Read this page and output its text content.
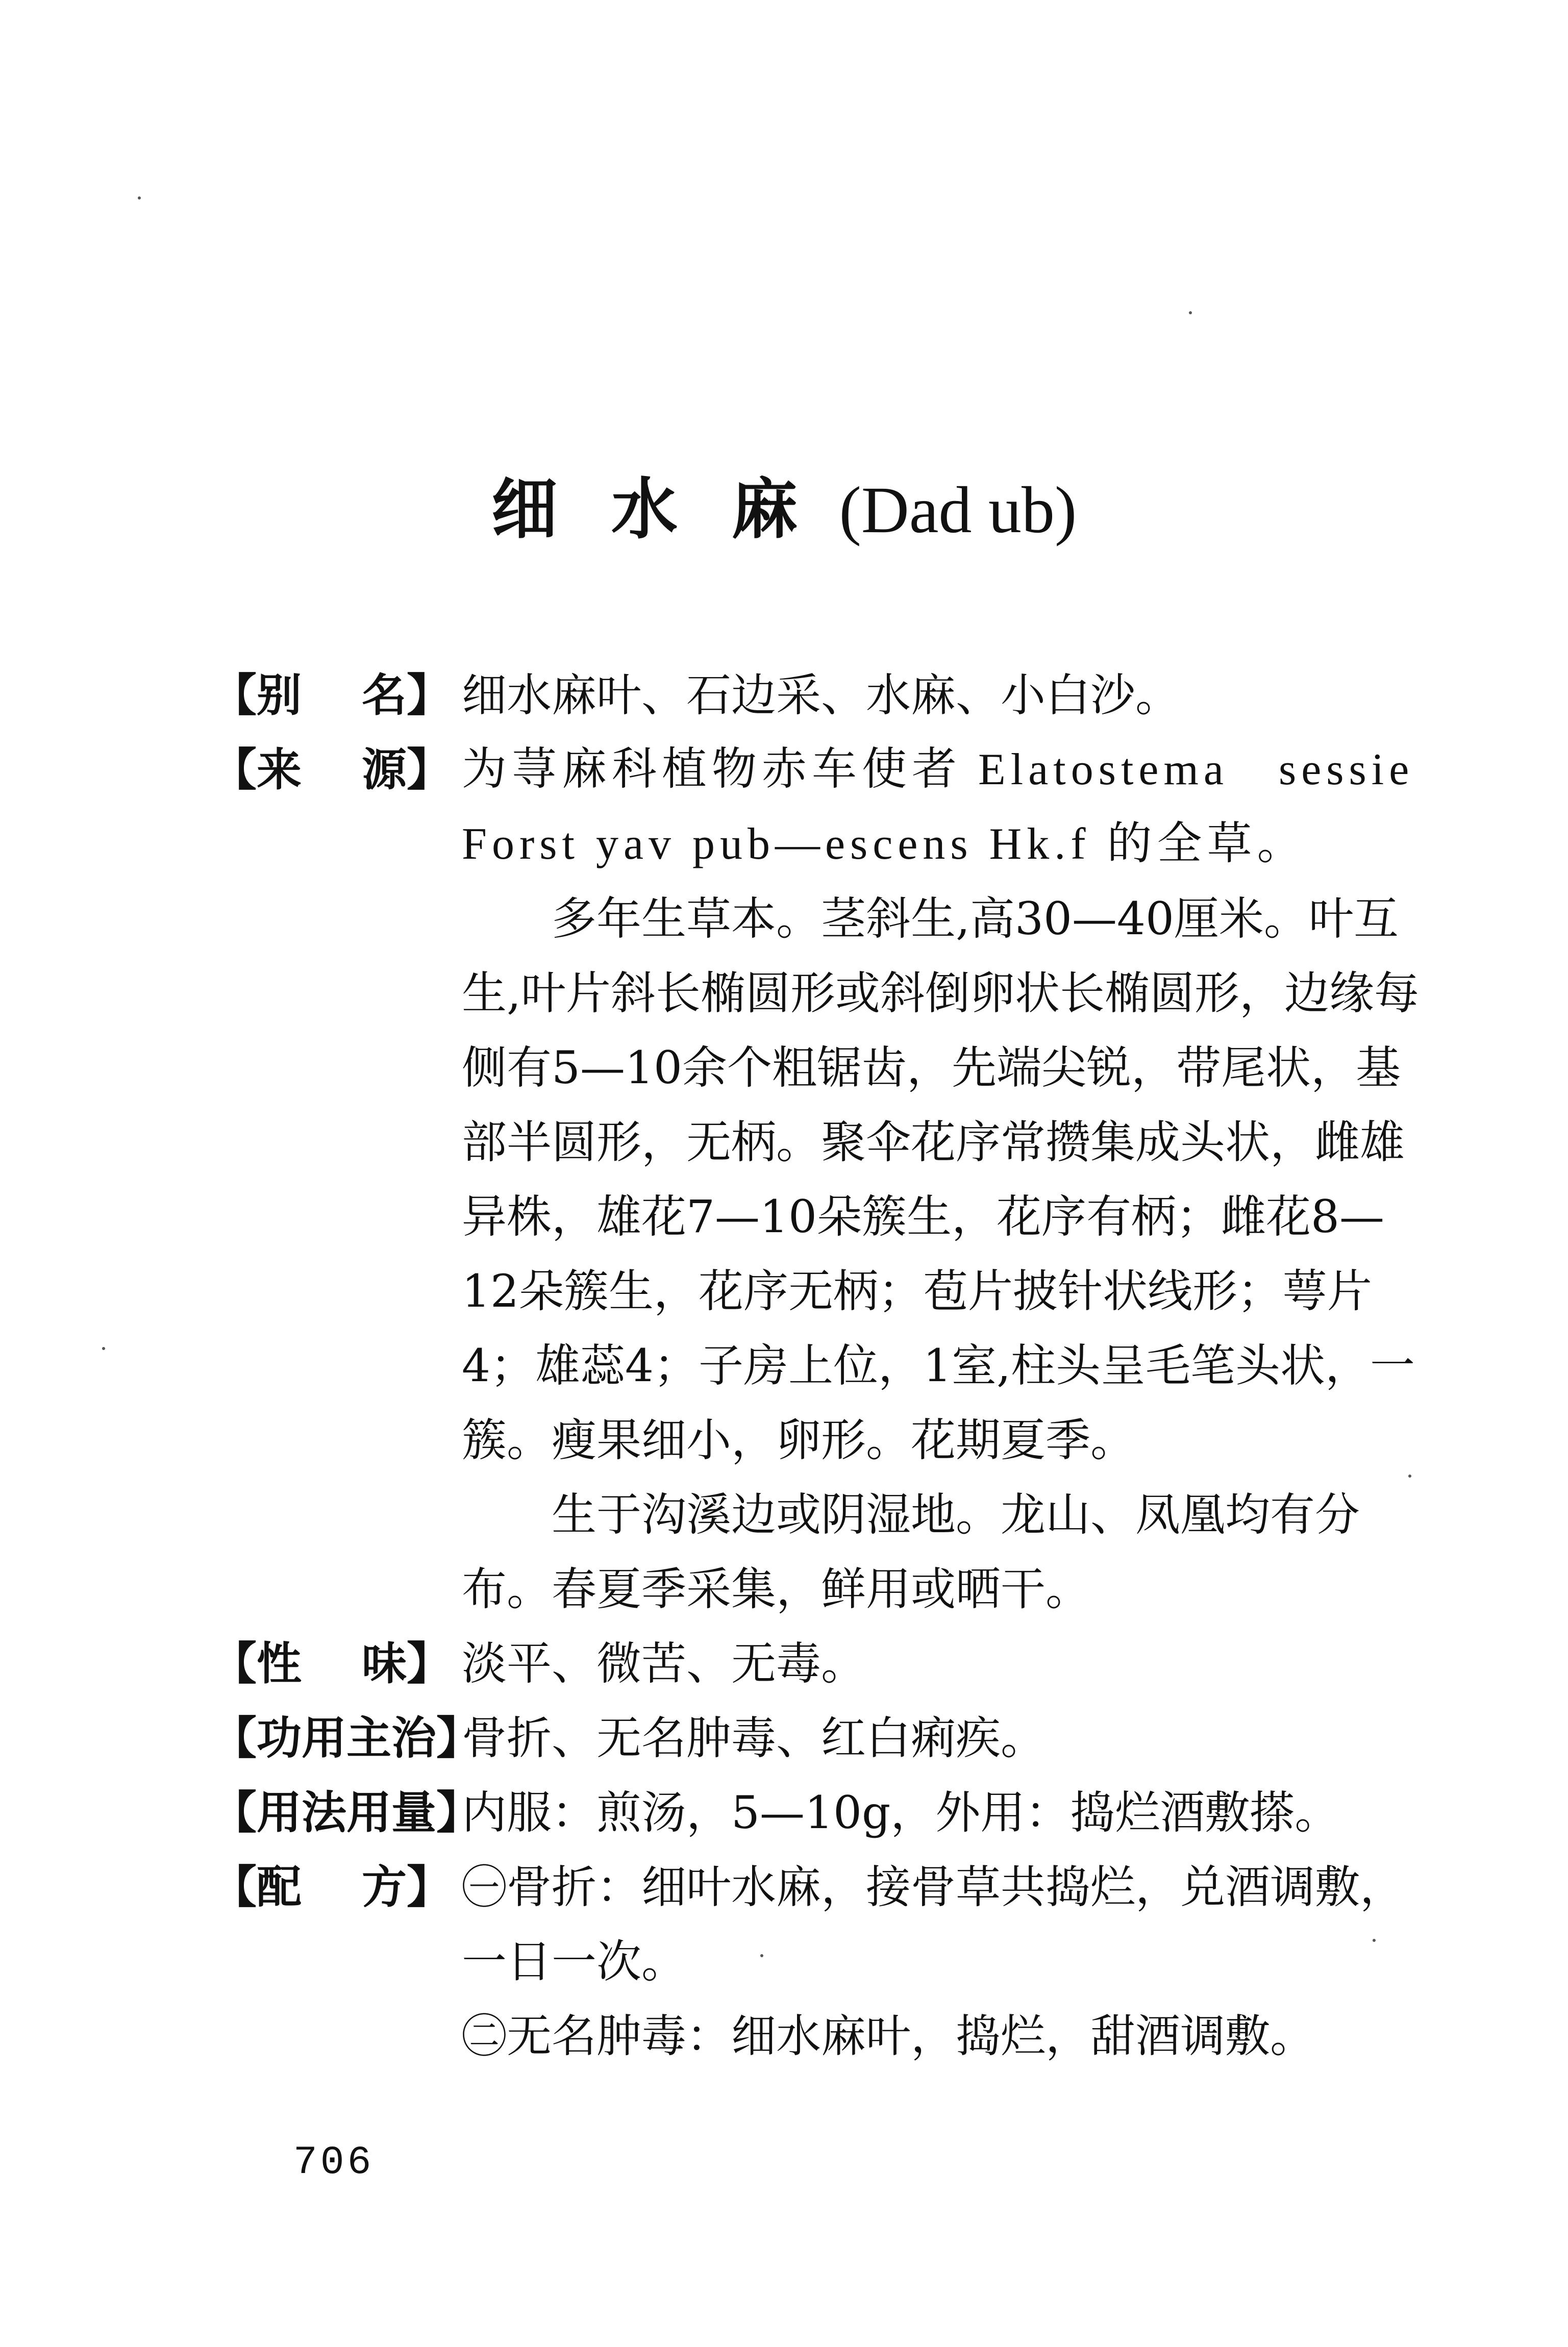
细 水 麻 (Dad ub)
【别 名】 细水麻叶、石边采、水麻、小白沙。

【来 源】 为荨麻科植物赤车使者 Elatostema　sessie

Forst yav pub—escens Hk.f 的全草。

多年生草本。茎斜生,高30—40厘米。叶互生,叶片斜长椭圆形或斜倒卵状长椭圆形，边缘每侧有5—10余个粗锯齿，先端尖锐，带尾状，基部半圆形，无柄。聚伞花序常攒集成头状，雌雄异株，雄花7—10朵簇生，花序有柄；雌花8—12朵簇生，花序无柄；苞片披针状线形；萼片4；雄蕊4；子房上位，1室,柱头呈毛笔头状，一簇。瘦果细小，卵形。花期夏季。

生于沟溪边或阴湿地。龙山、凤凰均有分布。春夏季采集，鲜用或晒干。

【性 味】 淡平、微苦、无毒。

【功用主治】

骨折、无名肿毒、红白痢疾。

【用法用量】

内服：煎汤，5—10g，外用：捣烂酒敷搽。

【配 方】 ㊀骨折：细叶水麻，接骨草共捣烂，兑酒调敷，一日一次。

㊁无名肿毒：细水麻叶，捣烂，甜酒调敷。

706
